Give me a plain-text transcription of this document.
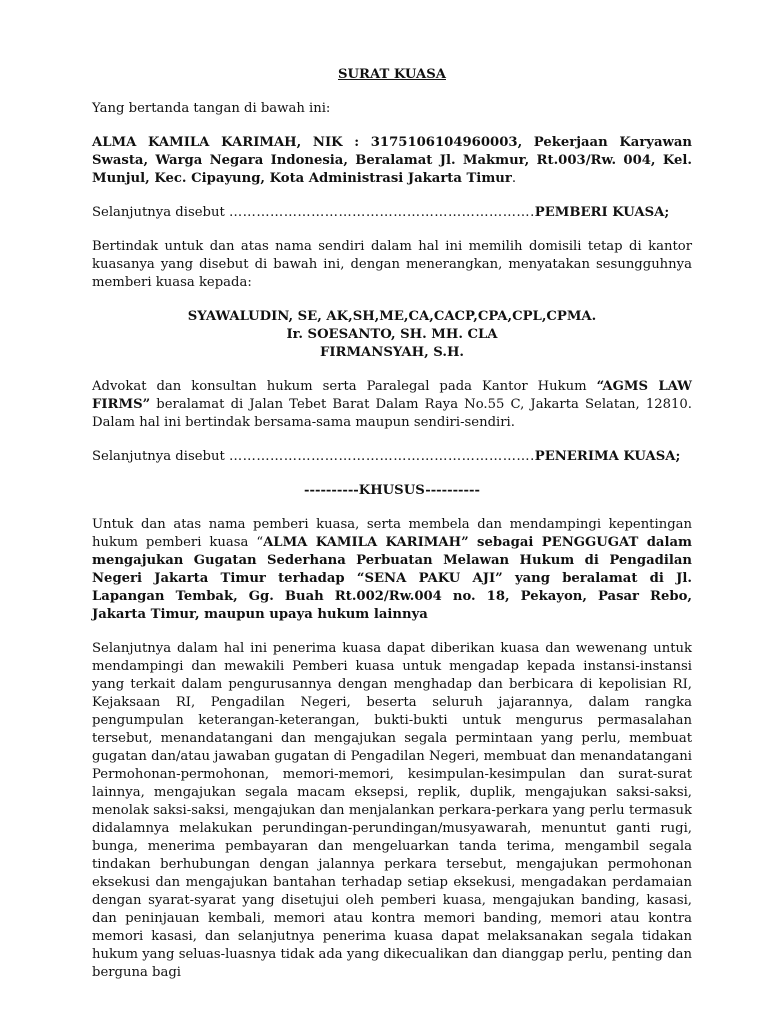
SURAT KUASA

Yang bertanda tangan di bawah ini:

ALMA KAMILA KARIMAH, NIK : 3175106104960003, Pekerjaan Karyawan Swasta, Warga Negara Indonesia, Beralamat Jl. Makmur, Rt.003/Rw. 004, Kel. Munjul, Kec. Cipayung, Kota Administrasi Jakarta Timur.

Selanjutnya disebut ………………………………………………………….PEMBERI KUASA;

Bertindak untuk dan atas nama sendiri dalam hal ini memilih domisili tetap di kantor kuasanya yang disebut di bawah ini, dengan menerangkan, menyatakan sesungguhnya memberi kuasa kepada:

SYAWALUDIN, SE, AK,SH,ME,CA,CACP,CPA,CPL,CPMA.

Ir. SOESANTO, SH. MH. CLA

FIRMANSYAH, S.H.

Advokat dan konsultan hukum serta Paralegal pada Kantor Hukum “AGMS LAW FIRMS” beralamat di Jalan Tebet Barat Dalam Raya No.55 C, Jakarta Selatan, 12810. Dalam hal ini bertindak bersama-sama maupun sendiri-sendiri.

Selanjutnya disebut ………………………………………………………….PENERIMA KUASA;

----------KHUSUS----------

Untuk dan atas nama pemberi kuasa, serta membela dan mendampingi kepentingan hukum pemberi kuasa “ALMA KAMILA KARIMAH” sebagai PENGGUGAT dalam mengajukan Gugatan Sederhana Perbuatan Melawan Hukum di Pengadilan Negeri Jakarta Timur terhadap “SENA PAKU AJI” yang beralamat di Jl. Lapangan Tembak, Gg. Buah Rt.002/Rw.004 no. 18, Pekayon, Pasar Rebo, Jakarta Timur, maupun upaya hukum lainnya

Selanjutnya dalam hal ini penerima kuasa dapat diberikan kuasa dan wewenang untuk mendampingi dan mewakili Pemberi kuasa untuk mengadap kepada instansi-instansi yang terkait dalam pengurusannya dengan menghadap dan berbicara di kepolisian RI, Kejaksaan RI, Pengadilan Negeri, beserta seluruh jajarannya, dalam rangka pengumpulan keterangan-keterangan, bukti-bukti untuk mengurus permasalahan tersebut, menandatangani dan mengajukan segala permintaan yang perlu, membuat gugatan dan/atau jawaban gugatan di Pengadilan Negeri, membuat dan menandatangani Permohonan-permohonan, memori-memori, kesimpulan-kesimpulan dan surat-surat lainnya, mengajukan segala macam eksepsi, replik, duplik, mengajukan saksi-saksi, menolak saksi-saksi, mengajukan dan menjalankan perkara-perkara yang perlu termasuk didalamnya melakukan perundingan-perundingan/musyawarah, menuntut ganti rugi, bunga, menerima pembayaran dan mengeluarkan tanda terima, mengambil segala tindakan berhubungan dengan jalannya perkara tersebut, mengajukan permohonan eksekusi dan mengajukan bantahan terhadap setiap eksekusi, mengadakan perdamaian dengan syarat-syarat yang disetujui oleh pemberi kuasa, mengajukan banding, kasasi, dan peninjauan kembali, memori atau kontra memori banding, memori atau kontra memori kasasi, dan selanjutnya penerima kuasa dapat melaksanakan segala tidakan hukum yang seluas-luasnya tidak ada yang dikecualikan dan dianggap perlu, penting dan berguna bagi
